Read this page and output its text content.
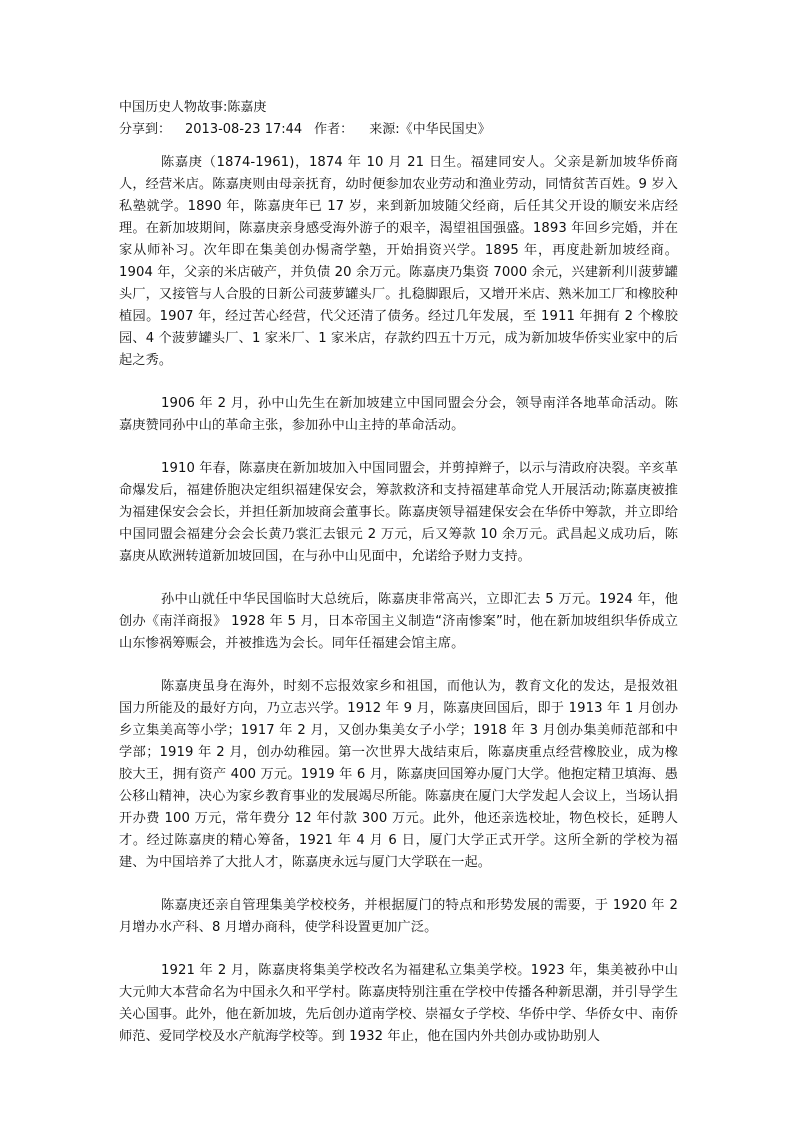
中国历史人物故事:陈嘉庚
分享到： 2013-08-23 17:44 作者： 来源:《中华民国史》

陈嘉庚（1874-1961)，1874 年 10 月 21 日生。福建同安人。父亲是新加坡华侨商人，经营米店。陈嘉庚则由母亲抚育，幼时便参加农业劳动和渔业劳动，同情贫苦百姓。9 岁入私塾就学。1890 年，陈嘉庚年已 17 岁，来到新加坡随父经商，后任其父开设的顺安米店经理。在新加坡期间，陈嘉庚亲身感受海外游子的艰辛，渴望祖国强盛。1893 年回乡完婚，并在家从师补习。次年即在集美创办惕斋学塾，开始捐资兴学。1895 年，再度赴新加坡经商。1904 年，父亲的米店破产，并负债 20 余万元。陈嘉庚乃集资 7000 余元，兴建新利川菠萝罐头厂，又接管与人合股的日新公司菠萝罐头厂。扎稳脚跟后，又增开米店、熟米加工厂和橡胶种植园。1907 年，经过苦心经营，代父还清了债务。经过几年发展，至 1911 年拥有 2 个橡胶园、4 个菠萝罐头厂、1 家米厂、1 家米店，存款约四五十万元，成为新加坡华侨实业家中的后起之秀。

1906 年 2 月，孙中山先生在新加坡建立中国同盟会分会，领导南洋各地革命活动。陈嘉庚赞同孙中山的革命主张，参加孙中山主持的革命活动。

1910 年春，陈嘉庚在新加坡加入中国同盟会，并剪掉辫子，以示与清政府决裂。辛亥革命爆发后，福建侨胞决定组织福建保安会，筹款救济和支持福建革命党人开展活动;陈嘉庚被推为福建保安会会长，并担任新加坡商会董事长。陈嘉庚领导福建保安会在华侨中筹款，并立即给中国同盟会福建分会会长黄乃裳汇去银元 2 万元，后又筹款 10 余万元。武昌起义成功后，陈嘉庚从欧洲转道新加坡回国，在与孙中山见面中，允诺给予财力支持。

孙中山就任中华民国临时大总统后，陈嘉庚非常高兴，立即汇去 5 万元。1924 年，他创办《南洋商报》 1928 年 5 月，日本帝国主义制造“济南惨案”时，他在新加坡组织华侨成立山东惨祸筹赈会，并被推选为会长。同年任福建会馆主席。

陈嘉庚虽身在海外，时刻不忘报效家乡和祖国，而他认为，教育文化的发达，是报效祖国力所能及的最好方向，乃立志兴学。1912 年 9 月，陈嘉庚回国后，即于 1913 年 1 月创办乡立集美高等小学；1917 年 2 月，又创办集美女子小学；1918 年 3 月创办集美师范部和中学部；1919 年 2 月，创办幼稚园。第一次世界大战结束后，陈嘉庚重点经营橡胶业，成为橡胶大王，拥有资产 400 万元。1919 年 6 月，陈嘉庚回国筹办厦门大学。他抱定精卫填海、愚公移山精神，决心为家乡教育事业的发展竭尽所能。陈嘉庚在厦门大学发起人会议上，当场认捐开办费 100 万元，常年费分 12 年付款 300 万元。此外，他还亲选校址，物色校长，延聘人才。经过陈嘉庚的精心筹备，1921 年 4 月 6 日，厦门大学正式开学。这所全新的学校为福建、为中国培养了大批人才，陈嘉庚永远与厦门大学联在一起。

陈嘉庚还亲自管理集美学校校务，并根据厦门的特点和形势发展的需要，于 1920 年 2 月增办水产科、8 月增办商科，使学科设置更加广泛。

1921 年 2 月，陈嘉庚将集美学校改名为福建私立集美学校。1923 年，集美被孙中山大元帅大本营命名为中国永久和平学村。陈嘉庚特别注重在学校中传播各种新思潮，并引导学生关心国事。此外，他在新加坡，先后创办道南学校、崇福女子学校、华侨中学、华侨女中、南侨师范、爱同学校及水产航海学校等。到 1932 年止，他在国内外共创办或协助别人
